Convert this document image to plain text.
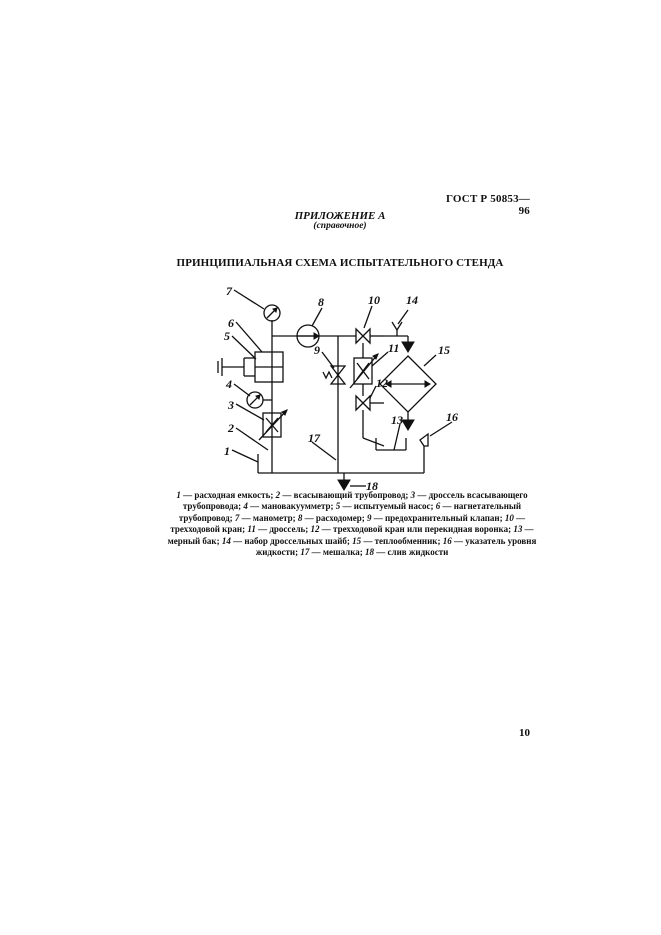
ГОСТ Р 50853—96
ПРИЛОЖЕНИЕ А
(справочное)
ПРИНЦИПИАЛЬНАЯ СХЕМА ИСПЫТАТЕЛЬНОГО СТЕНДА
7
6
5
4
3
2
1
8
9
10 14
11	15
12
13	16
17
18
1 — расходная емкость; 2 — всасывающий трубопровод; 3 — дроссель всасывающего трубопровода; 4 — мановакуумметр; 5 — испытуемый насос; 6 — нагнетательный трубопровод; 7 — манометр; 8 — расходомер; 9 — предохранительный клапан; 10 — трехходовой кран; 11 — дроссель; 12 — трехходовой кран или перекидная воронка; 13 — мерный бак; 14 — набор дроссельных шайб; 15 — теплообменник; 16 — указатель уровня жидкости; 17 — мешалка; 18 — слив жидкости
10
